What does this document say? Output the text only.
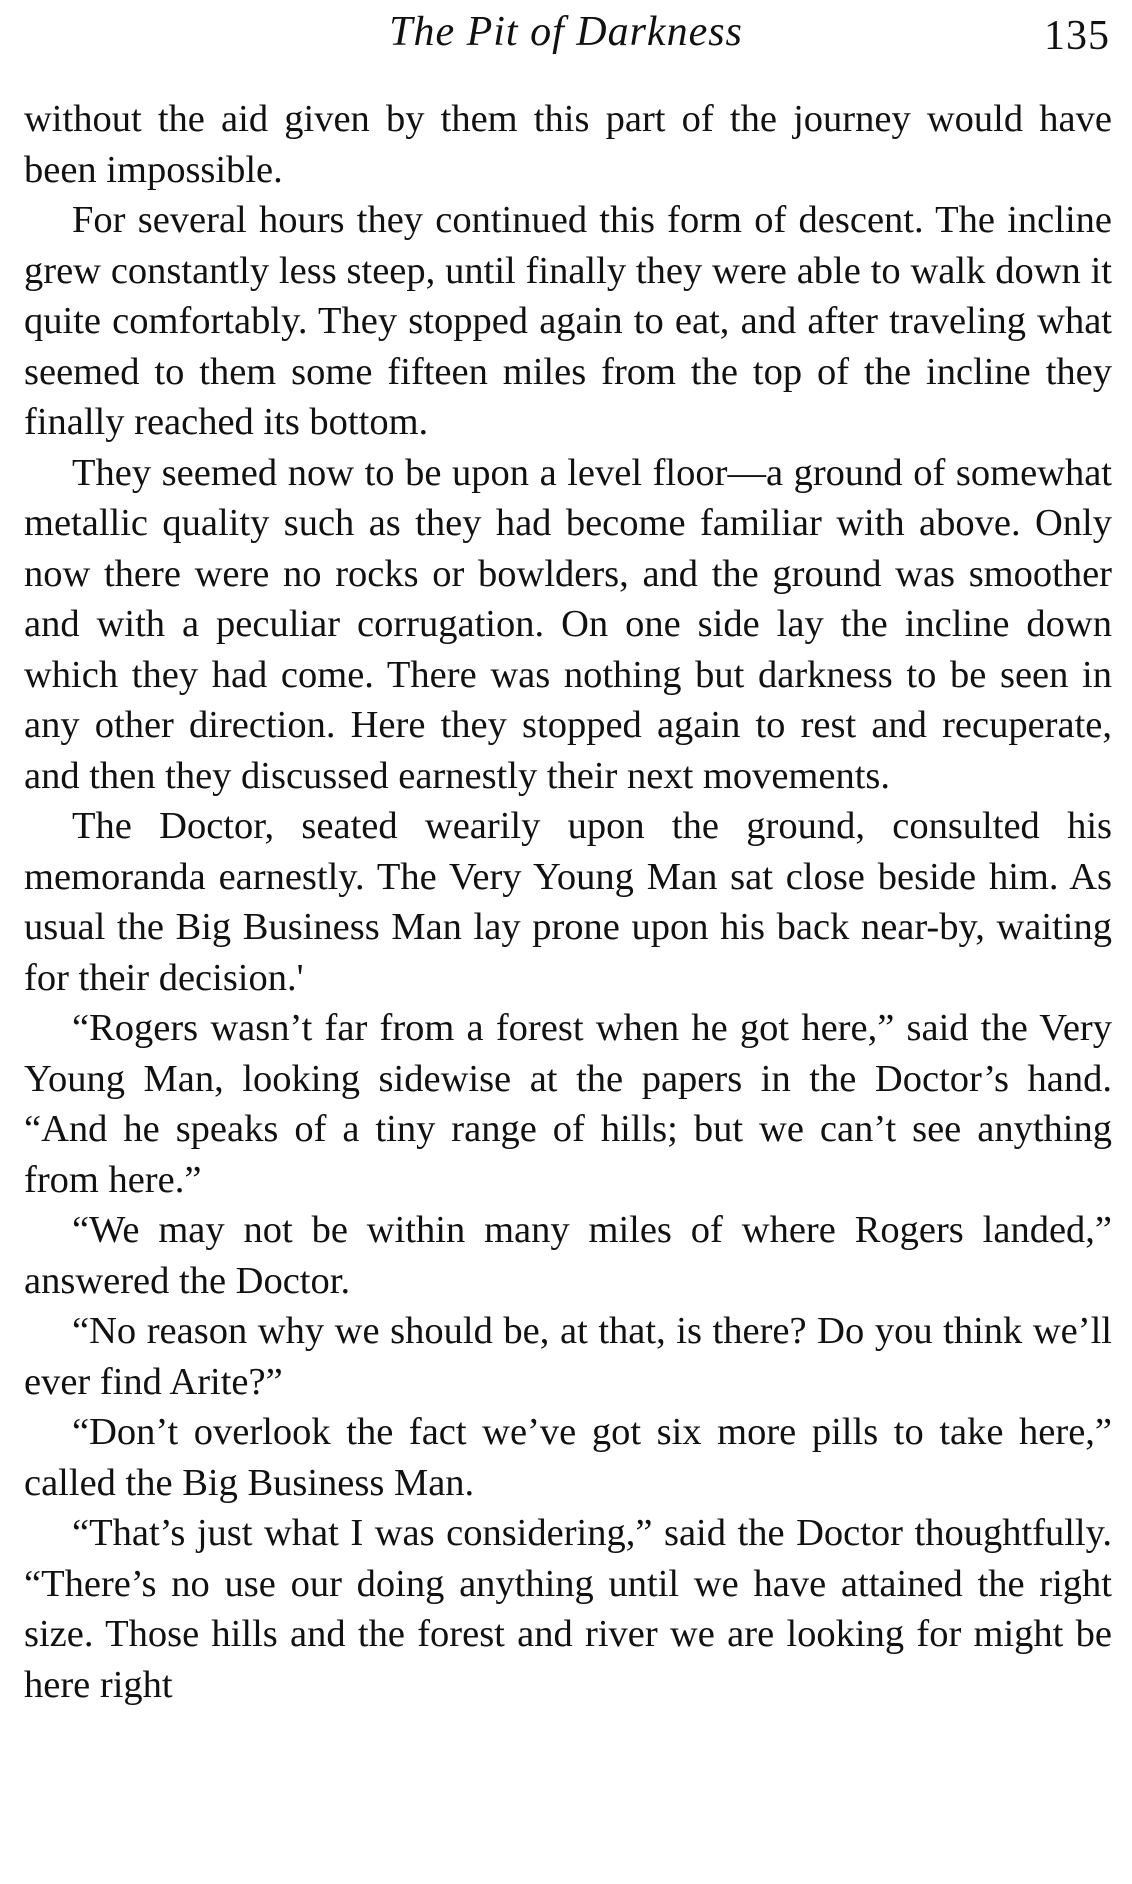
The Pit of Darkness	135

without the aid given by them this part of the journey would have been impossible.

For several hours they continued this form of descent. The incline grew constantly less steep, until finally they were able to walk down it quite comfortably. They stopped again to eat, and after traveling what seemed to them some fifteen miles from the top of the incline they finally reached its bottom.

They seemed now to be upon a level floor—a ground of somewhat metallic quality such as they had become familiar with above. Only now there were no rocks or bowlders, and the ground was smoother and with a peculiar corrugation. On one side lay the incline down which they had come. There was nothing but darkness to be seen in any other direction. Here they stopped again to rest and recuperate, and then they discussed earnestly their next movements.

The Doctor, seated wearily upon the ground, consulted his memoranda earnestly. The Very Young Man sat close beside him. As usual the Big Business Man lay prone upon his back near-by, waiting for their decision.'

“Rogers wasn’t far from a forest when he got here,” said the Very Young Man, looking sidewise at the papers in the Doctor’s hand. “And he speaks of a tiny range of hills; but we can’t see anything from here.”

“We may not be within many miles of where Rogers landed,” answered the Doctor.

“No reason why we should be, at that, is there? Do you think we’ll ever find Arite?”

“Don’t overlook the fact we’ve got six more pills to take here,” called the Big Business Man.

“That’s just what I was considering,” said the Doctor thoughtfully. “There’s no use our doing anything until we have attained the right size. Those hills and the forest and river we are looking for might be here right
